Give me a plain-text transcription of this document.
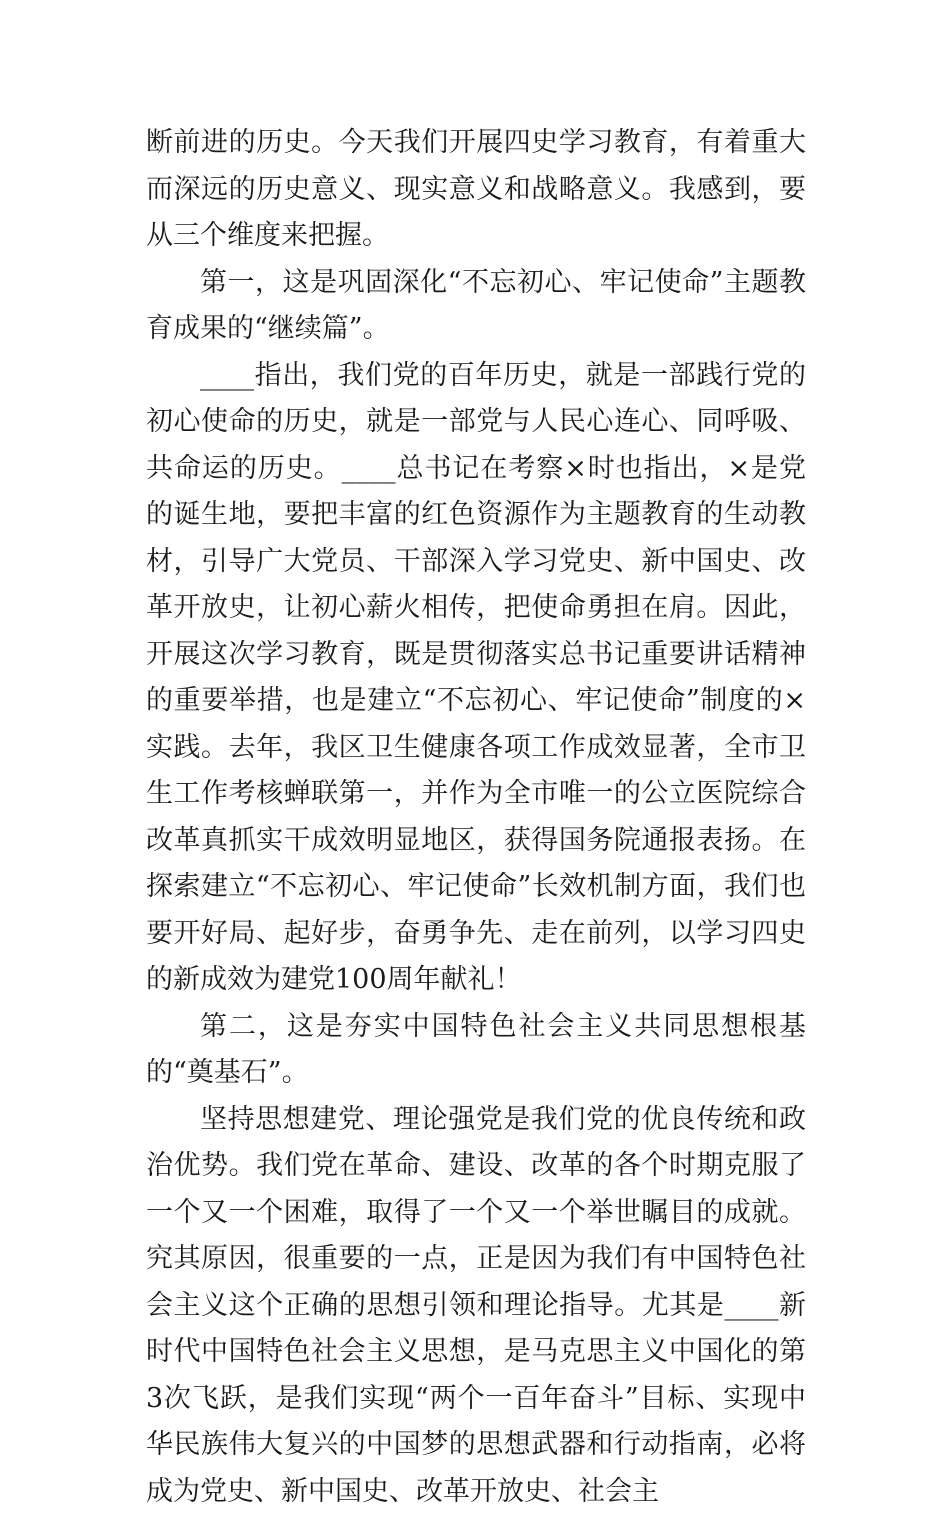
断前进的历史。今天我们开展四史学习教育，有着重大而深远的历史意义、现实意义和战略意义。我感到，要从三个维度来把握。

第一，这是巩固深化“不忘初心、牢记使命”主题教育成果的“继续篇”。

____指出，我们党的百年历史，就是一部践行党的初心使命的历史，就是一部党与人民心连心、同呼吸、共命运的历史。____总书记在考察×时也指出，×是党的诞生地，要把丰富的红色资源作为主题教育的生动教材，引导广大党员、干部深入学习党史、新中国史、改革开放史，让初心薪火相传，把使命勇担在肩。因此，开展这次学习教育，既是贯彻落实总书记重要讲话精神的重要举措，也是建立“不忘初心、牢记使命”制度的×实践。去年，我区卫生健康各项工作成效显著，全市卫生工作考核蝉联第一，并作为全市唯一的公立医院综合改革真抓实干成效明显地区，获得国务院通报表扬。在探索建立“不忘初心、牢记使命”长效机制方面，我们也要开好局、起好步，奋勇争先、走在前列，以学习四史的新成效为建党100周年献礼！

第二，这是夯实中国特色社会主义共同思想根基的“奠基石”。

坚持思想建党、理论强党是我们党的优良传统和政治优势。我们党在革命、建设、改革的各个时期克服了一个又一个困难，取得了一个又一个举世瞩目的成就。究其原因，很重要的一点，正是因为我们有中国特色社会主义这个正确的思想引领和理论指导。尤其是____新时代中国特色社会主义思想，是马克思主义中国化的第3次飞跃，是我们实现“两个一百年奋斗”目标、实现中华民族伟大复兴的中国梦的思想武器和行动指南，必将成为党史、新中国史、改革开放史、社会主
